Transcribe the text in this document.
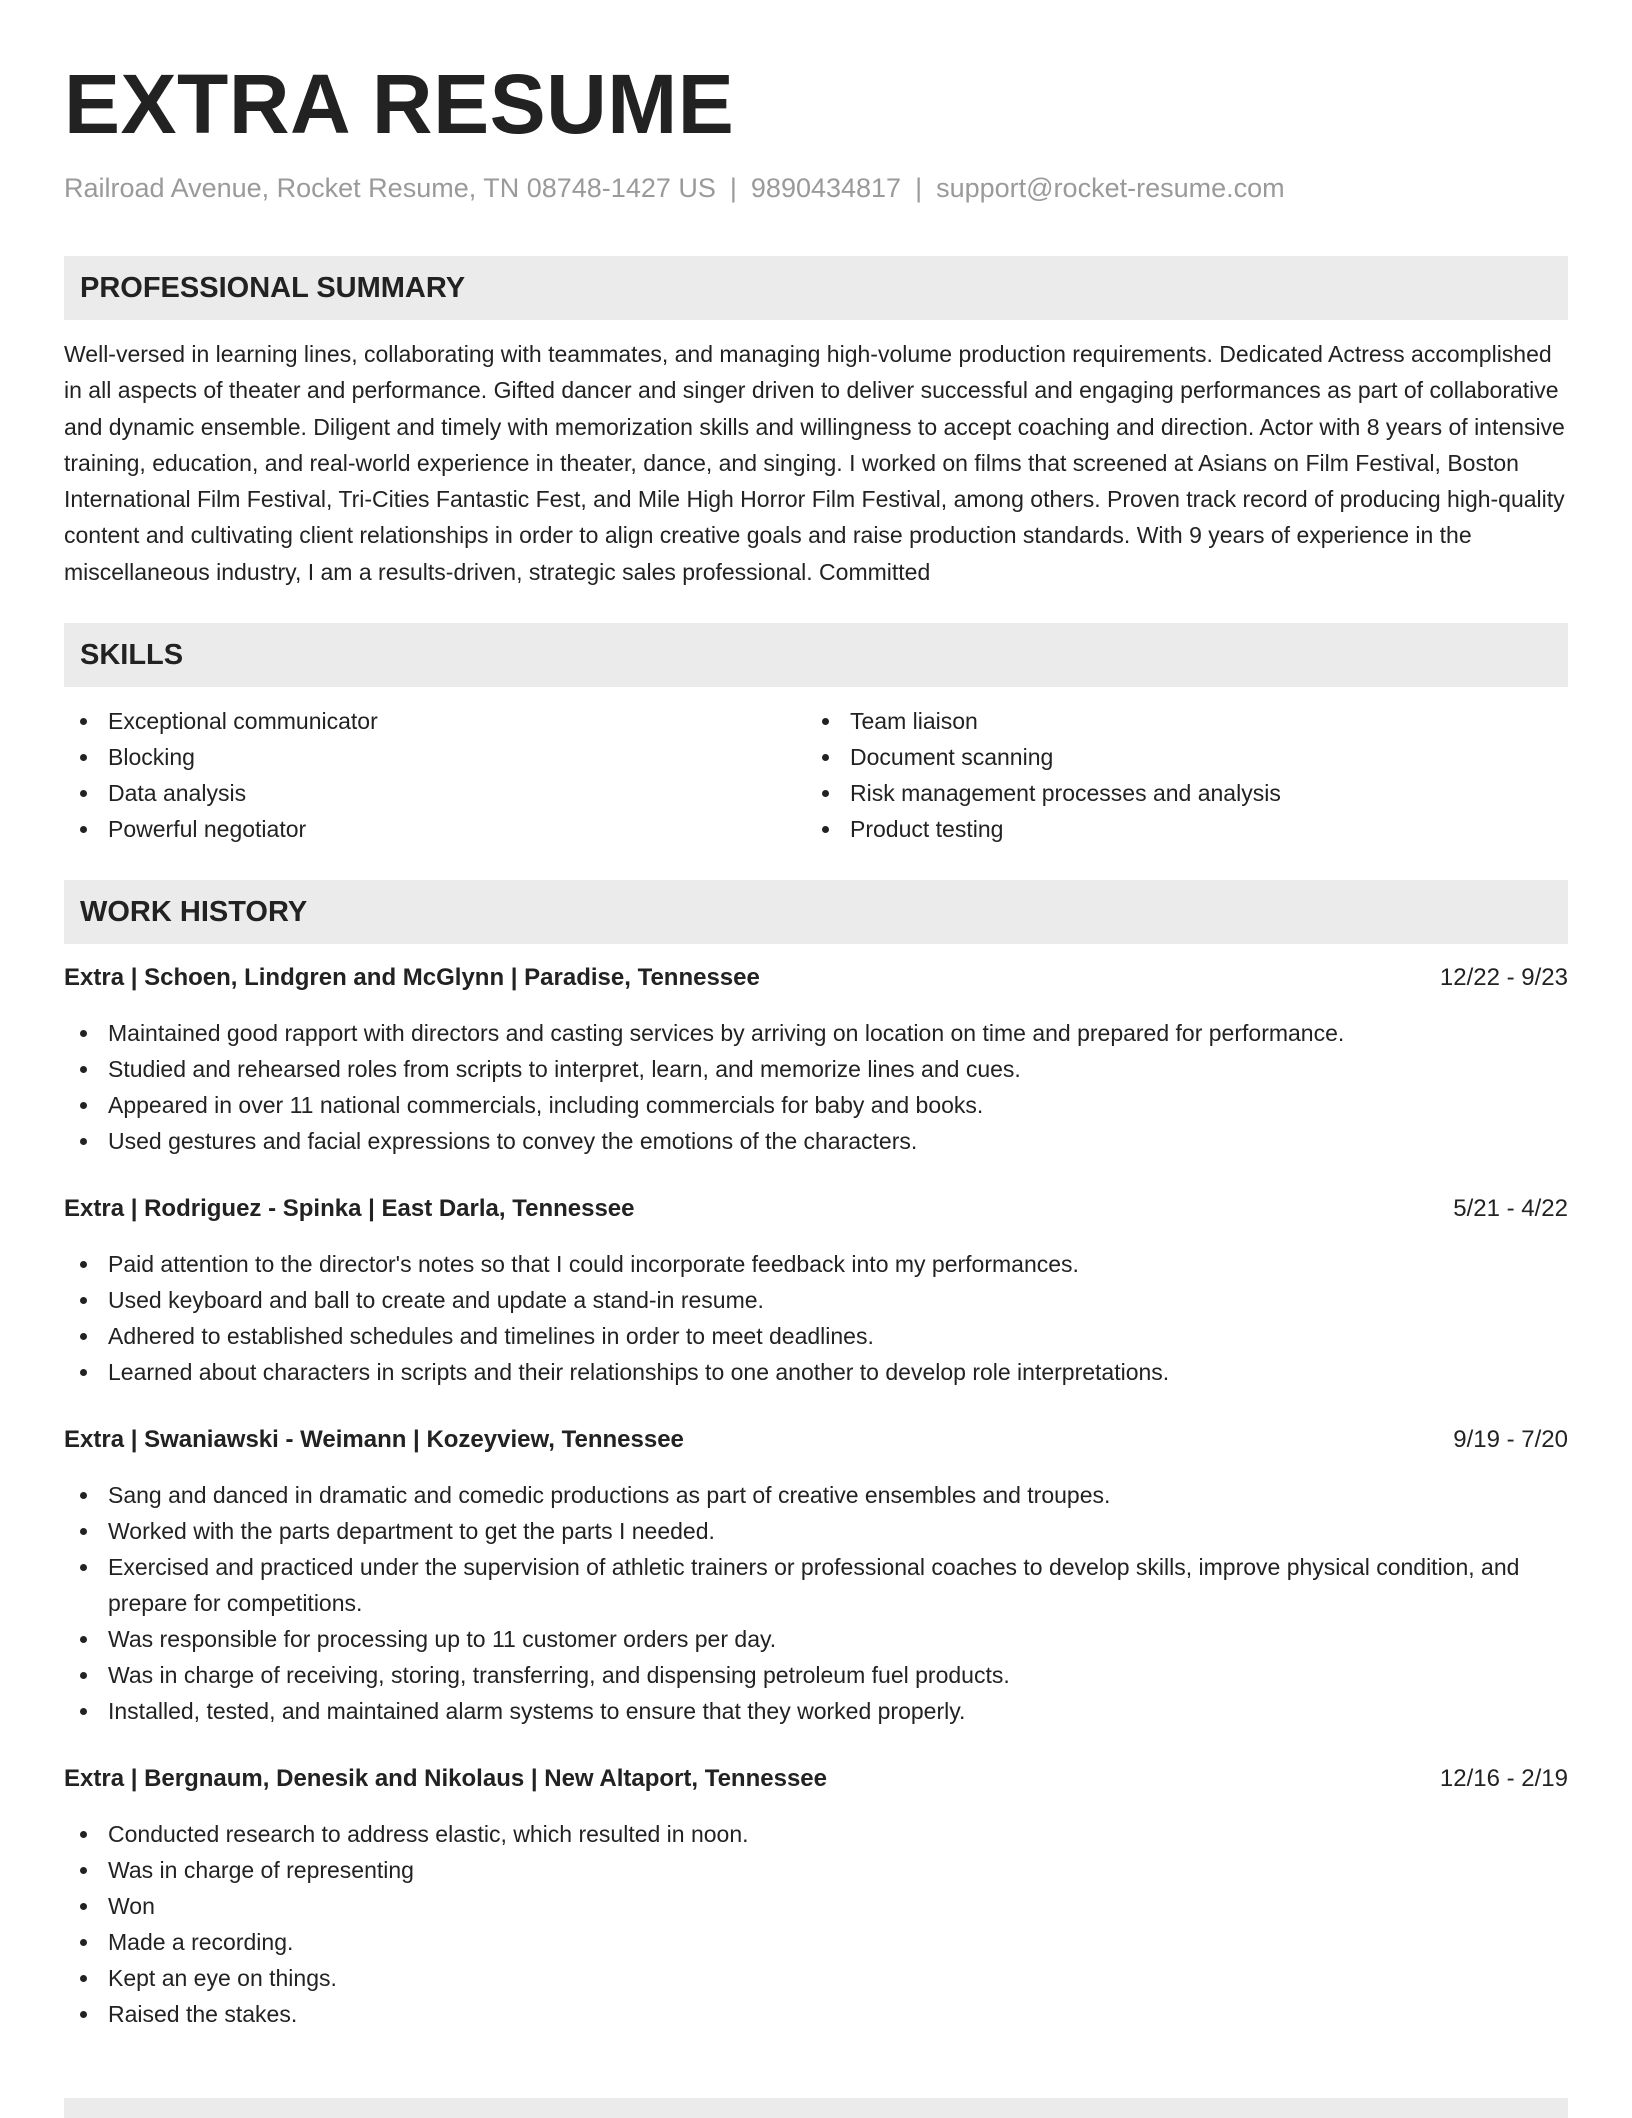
EXTRA RESUME
Railroad Avenue, Rocket Resume, TN 08748-1427 US | 9890434817 | support@rocket-resume.com
PROFESSIONAL SUMMARY
Well-versed in learning lines, collaborating with teammates, and managing high-volume production requirements. Dedicated Actress accomplished in all aspects of theater and performance. Gifted dancer and singer driven to deliver successful and engaging performances as part of collaborative and dynamic ensemble. Diligent and timely with memorization skills and willingness to accept coaching and direction. Actor with 8 years of intensive training, education, and real-world experience in theater, dance, and singing. I worked on films that screened at Asians on Film Festival, Boston International Film Festival, Tri-Cities Fantastic Fest, and Mile High Horror Film Festival, among others. Proven track record of producing high-quality content and cultivating client relationships in order to align creative goals and raise production standards. With 9 years of experience in the miscellaneous industry, I am a results-driven, strategic sales professional. Committed
SKILLS
Exceptional communicator
Blocking
Data analysis
Powerful negotiator
Team liaison
Document scanning
Risk management processes and analysis
Product testing
WORK HISTORY
Extra | Schoen, Lindgren and McGlynn | Paradise, Tennessee	12/22 - 9/23
Maintained good rapport with directors and casting services by arriving on location on time and prepared for performance.
Studied and rehearsed roles from scripts to interpret, learn, and memorize lines and cues.
Appeared in over 11 national commercials, including commercials for baby and books.
Used gestures and facial expressions to convey the emotions of the characters.
Extra | Rodriguez - Spinka | East Darla, Tennessee	5/21 - 4/22
Paid attention to the director's notes so that I could incorporate feedback into my performances.
Used keyboard and ball to create and update a stand-in resume.
Adhered to established schedules and timelines in order to meet deadlines.
Learned about characters in scripts and their relationships to one another to develop role interpretations.
Extra | Swaniawski - Weimann | Kozeyview, Tennessee	9/19 - 7/20
Sang and danced in dramatic and comedic productions as part of creative ensembles and troupes.
Worked with the parts department to get the parts I needed.
Exercised and practiced under the supervision of athletic trainers or professional coaches to develop skills, improve physical condition, and prepare for competitions.
Was responsible for processing up to 11 customer orders per day.
Was in charge of receiving, storing, transferring, and dispensing petroleum fuel products.
Installed, tested, and maintained alarm systems to ensure that they worked properly.
Extra | Bergnaum, Denesik and Nikolaus | New Altaport, Tennessee	12/16 - 2/19
Conducted research to address elastic, which resulted in noon.
Was in charge of representing
Won
Made a recording.
Kept an eye on things.
Raised the stakes.
